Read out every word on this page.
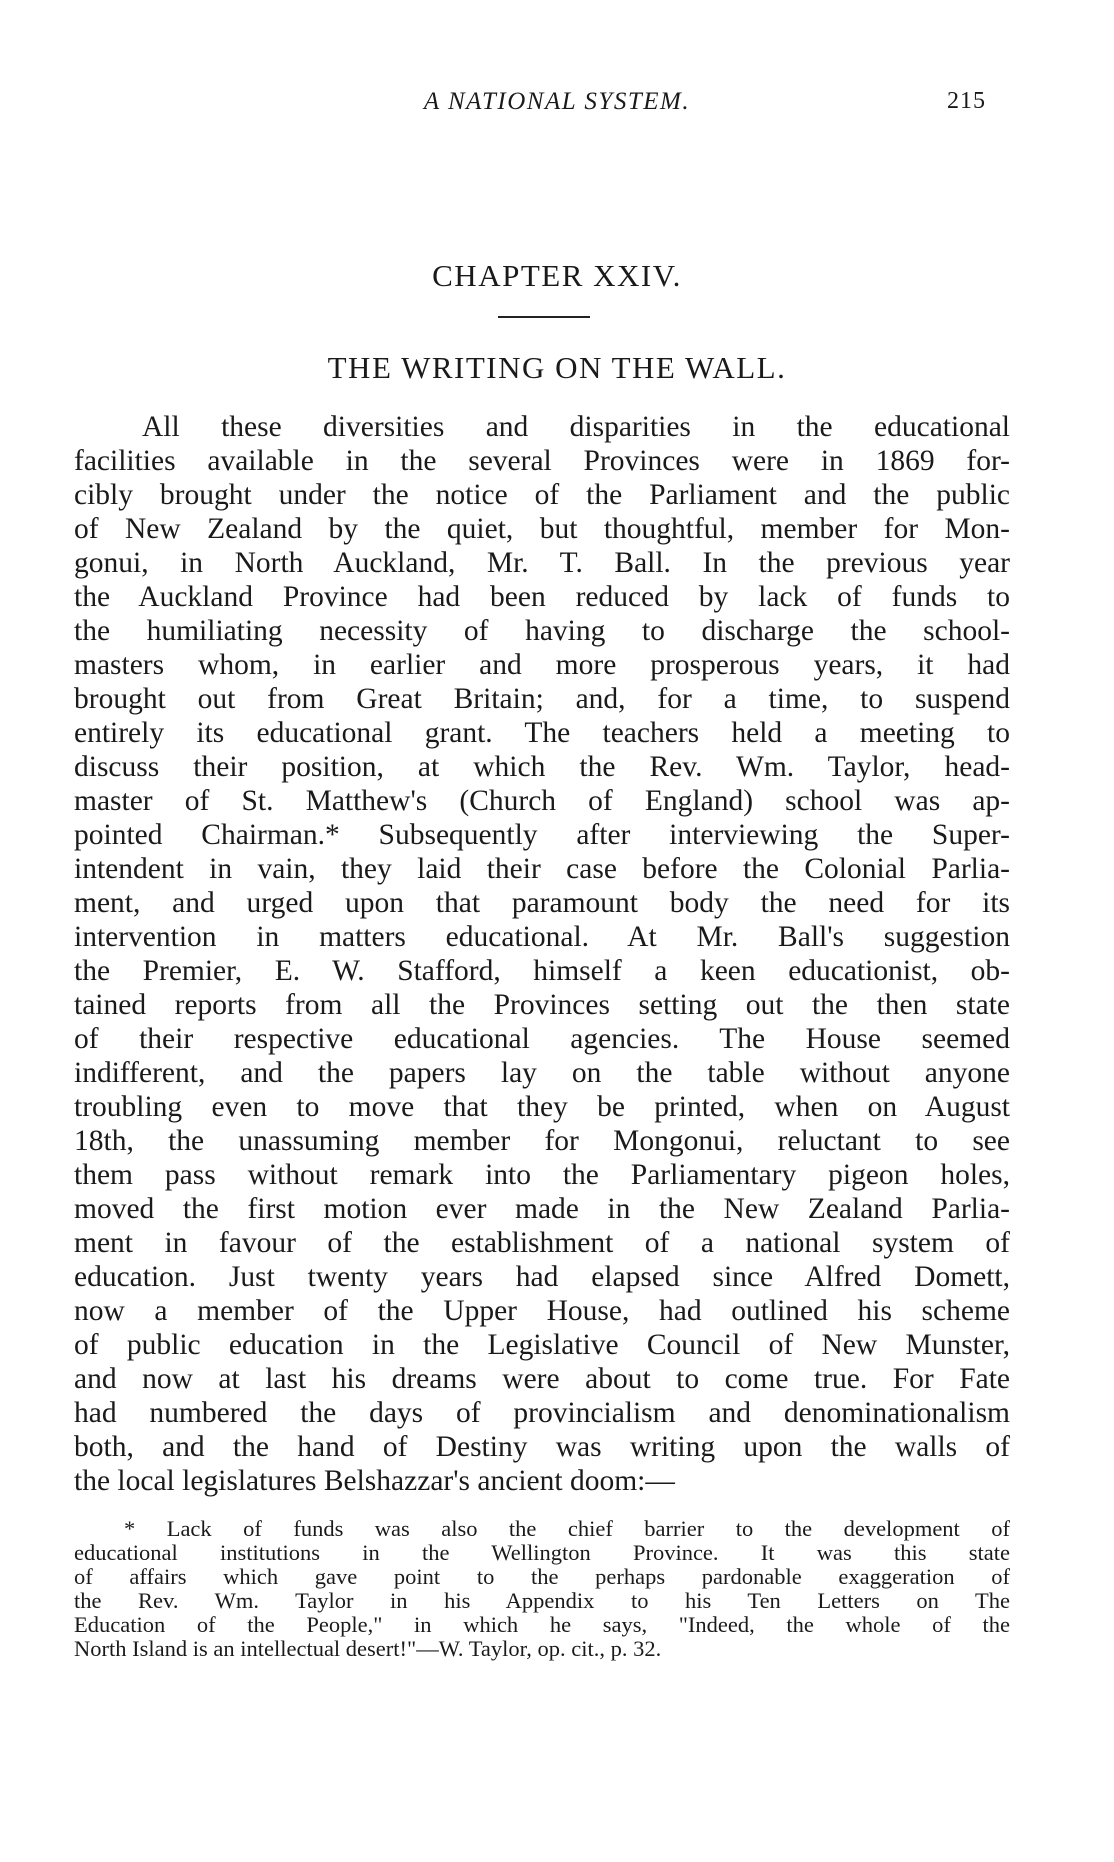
A NATIONAL SYSTEM.	215
CHAPTER XXIV.
THE WRITING ON THE WALL.
All these diversities and disparities in the educational
facilities available in the several Provinces were in 1869 for-
cibly brought under the notice of the Parliament and the public
of New Zealand by the quiet, but thoughtful, member for Mon-
gonui, in North Auckland, Mr. T. Ball. In the previous year
the Auckland Province had been reduced by lack of funds to
the humiliating necessity of having to discharge the school-
masters whom, in earlier and more prosperous years, it had
brought out from Great Britain; and, for a time, to suspend
entirely its educational grant. The teachers held a meeting to
discuss their position, at which the Rev. Wm. Taylor, head-
master of St. Matthew's (Church of England) school was ap-
pointed Chairman.* Subsequently after interviewing the Super-
intendent in vain, they laid their case before the Colonial Parlia-
ment, and urged upon that paramount body the need for its
intervention in matters educational. At Mr. Ball's suggestion
the Premier, E. W. Stafford, himself a keen educationist, ob-
tained reports from all the Provinces setting out the then state
of their respective educational agencies. The House seemed
indifferent, and the papers lay on the table without anyone
troubling even to move that they be printed, when on August
18th, the unassuming member for Mongonui, reluctant to see
them pass without remark into the Parliamentary pigeon holes,
moved the first motion ever made in the New Zealand Parlia-
ment in favour of the establishment of a national system of
education. Just twenty years had elapsed since Alfred Domett,
now a member of the Upper House, had outlined his scheme
of public education in the Legislative Council of New Munster,
and now at last his dreams were about to come true. For Fate
had numbered the days of provincialism and denominationalism
both, and the hand of Destiny was writing upon the walls of
the local legislatures Belshazzar's ancient doom:—
* Lack of funds was also the chief barrier to the development of
educational institutions in the Wellington Province. It was this state
of affairs which gave point to the perhaps pardonable exaggeration of
the Rev. Wm. Taylor in his Appendix to his Ten Letters on The
Education of the People," in which he says, "Indeed, the whole of the
North Island is an intellectual desert!"—W. Taylor, op. cit., p. 32.
